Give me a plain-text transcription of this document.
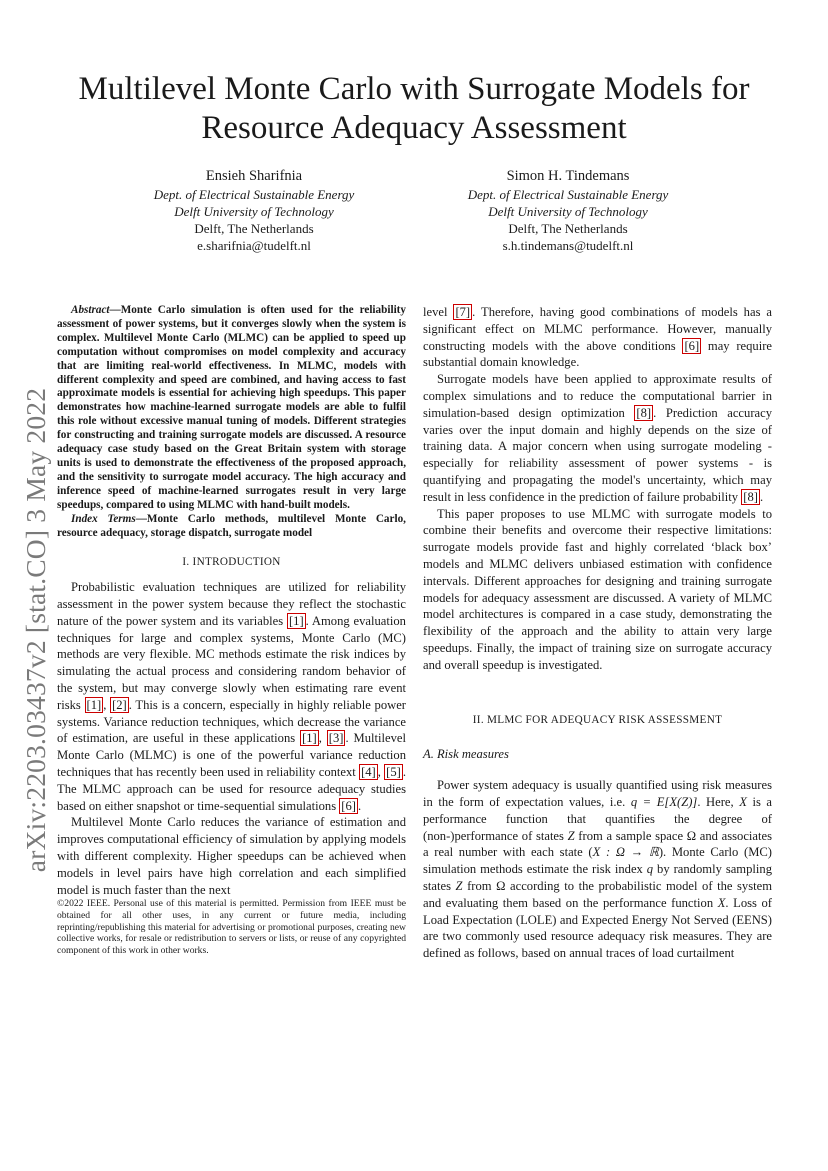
arXiv:2203.03437v2 [stat.CO] 3 May 2022
Multilevel Monte Carlo with Surrogate Models for
Resource Adequacy Assessment
Ensieh Sharifnia
Dept. of Electrical Sustainable Energy
Delft University of Technology
Delft, The Netherlands
e.sharifnia@tudelft.nl
Simon H. Tindemans
Dept. of Electrical Sustainable Energy
Delft University of Technology
Delft, The Netherlands
s.h.tindemans@tudelft.nl

Abstract—Monte Carlo simulation is often used for the reliability assessment of power systems, but it converges slowly when the system is complex. Multilevel Monte Carlo (MLMC) can be applied to speed up computation without compromises on model complexity and accuracy that are limiting real-world effectiveness. In MLMC, models with different complexity and speed are combined, and having access to fast approximate models is essential for achieving high speedups. This paper demonstrates how machine-learned surrogate models are able to fulfil this role without excessive manual tuning of models. Different strategies for constructing and training surrogate models are discussed. A resource adequacy case study based on the Great Britain system with storage units is used to demonstrate the effectiveness of the proposed approach, and the sensitivity to surrogate model accuracy. The high accuracy and inference speed of machine-learned surrogates result in very large speedups, compared to using MLMC with hand-built models.

Index Terms—Monte Carlo methods, multilevel Monte Carlo, resource adequacy, storage dispatch, surrogate model

I. INTRODUCTION

Probabilistic evaluation techniques are utilized for reliability assessment in the power system because they reflect the stochastic nature of the power system and its variables [1] . Among evaluation techniques for large and complex systems, Monte Carlo (MC) methods are very flexible. MC methods estimate the risk indices by simulating the actual process and considering random behavior of the system, but may converge slowly when estimating rare event risks [1] , [2] . This is a concern, especially in highly reliable power systems. Variance reduction techniques, which decrease the variance of estimation, are useful in these applications [1] , [3] . Multilevel Monte Carlo (MLMC) is one of the powerful variance reduction techniques that has recently been used in reliability context [4] , [5] . The MLMC approach can be used for resource adequacy studies based on either snapshot or time-sequential simulations [6] .

Multilevel Monte Carlo reduces the variance of estimation and improves computational efficiency of simulation by applying models with different complexity. Higher speedups can be achieved when models in level pairs have high correlation and each simplified model is much faster than the next

©2022 IEEE. Personal use of this material is permitted. Permission from IEEE must be obtained for all other uses, in any current or future media, including reprinting/republishing this material for advertising or promotional purposes, creating new collective works, for resale or redistribution to servers or lists, or reuse of any copyrighted component of this work in other works.

level [7] . Therefore, having good combinations of models has a significant effect on MLMC performance. However, manually constructing models with the above conditions [6] may require substantial domain knowledge.

Surrogate models have been applied to approximate results of complex simulations and to reduce the computational barrier in simulation-based design optimization [8] . Prediction accuracy varies over the input domain and highly depends on the size of training data. A major concern when using surrogate modeling - especially for reliability assessment of power systems - is quantifying and propagating the model's uncertainty, which may result in less confidence in the prediction of failure probability [8] .

This paper proposes to use MLMC with surrogate models to combine their benefits and overcome their respective limitations: surrogate models provide fast and highly correlated ‘black box’ models and MLMC delivers unbiased estimation with confidence intervals. Different approaches for designing and training surrogate models for adequacy assessment are discussed. A variety of MLMC model architectures is compared in a case study, demonstrating the flexibility of the approach and the ability to attain very large speedups. Finally, the impact of training size on surrogate accuracy and overall speedup is investigated.

II. MLMC FOR ADEQUACY RISK ASSESSMENT

A. Risk measures

Power system adequacy is usually quantified using risk measures in the form of expectation values, i.e. q = E[X(Z)]. Here, X is a performance function that quantifies the degree of (non-)performance of states Z from a sample space Ω and associates a real number with each state (X : Ω → ℝ). Monte Carlo (MC) simulation methods estimate the risk index q by randomly sampling states Z from Ω according to the probabilistic model of the system and evaluating them based on the performance function X. Loss of Load Expectation (LOLE) and Expected Energy Not Served (EENS) are two commonly used resource adequacy risk measures. They are defined as follows, based on annual traces of load curtailment
